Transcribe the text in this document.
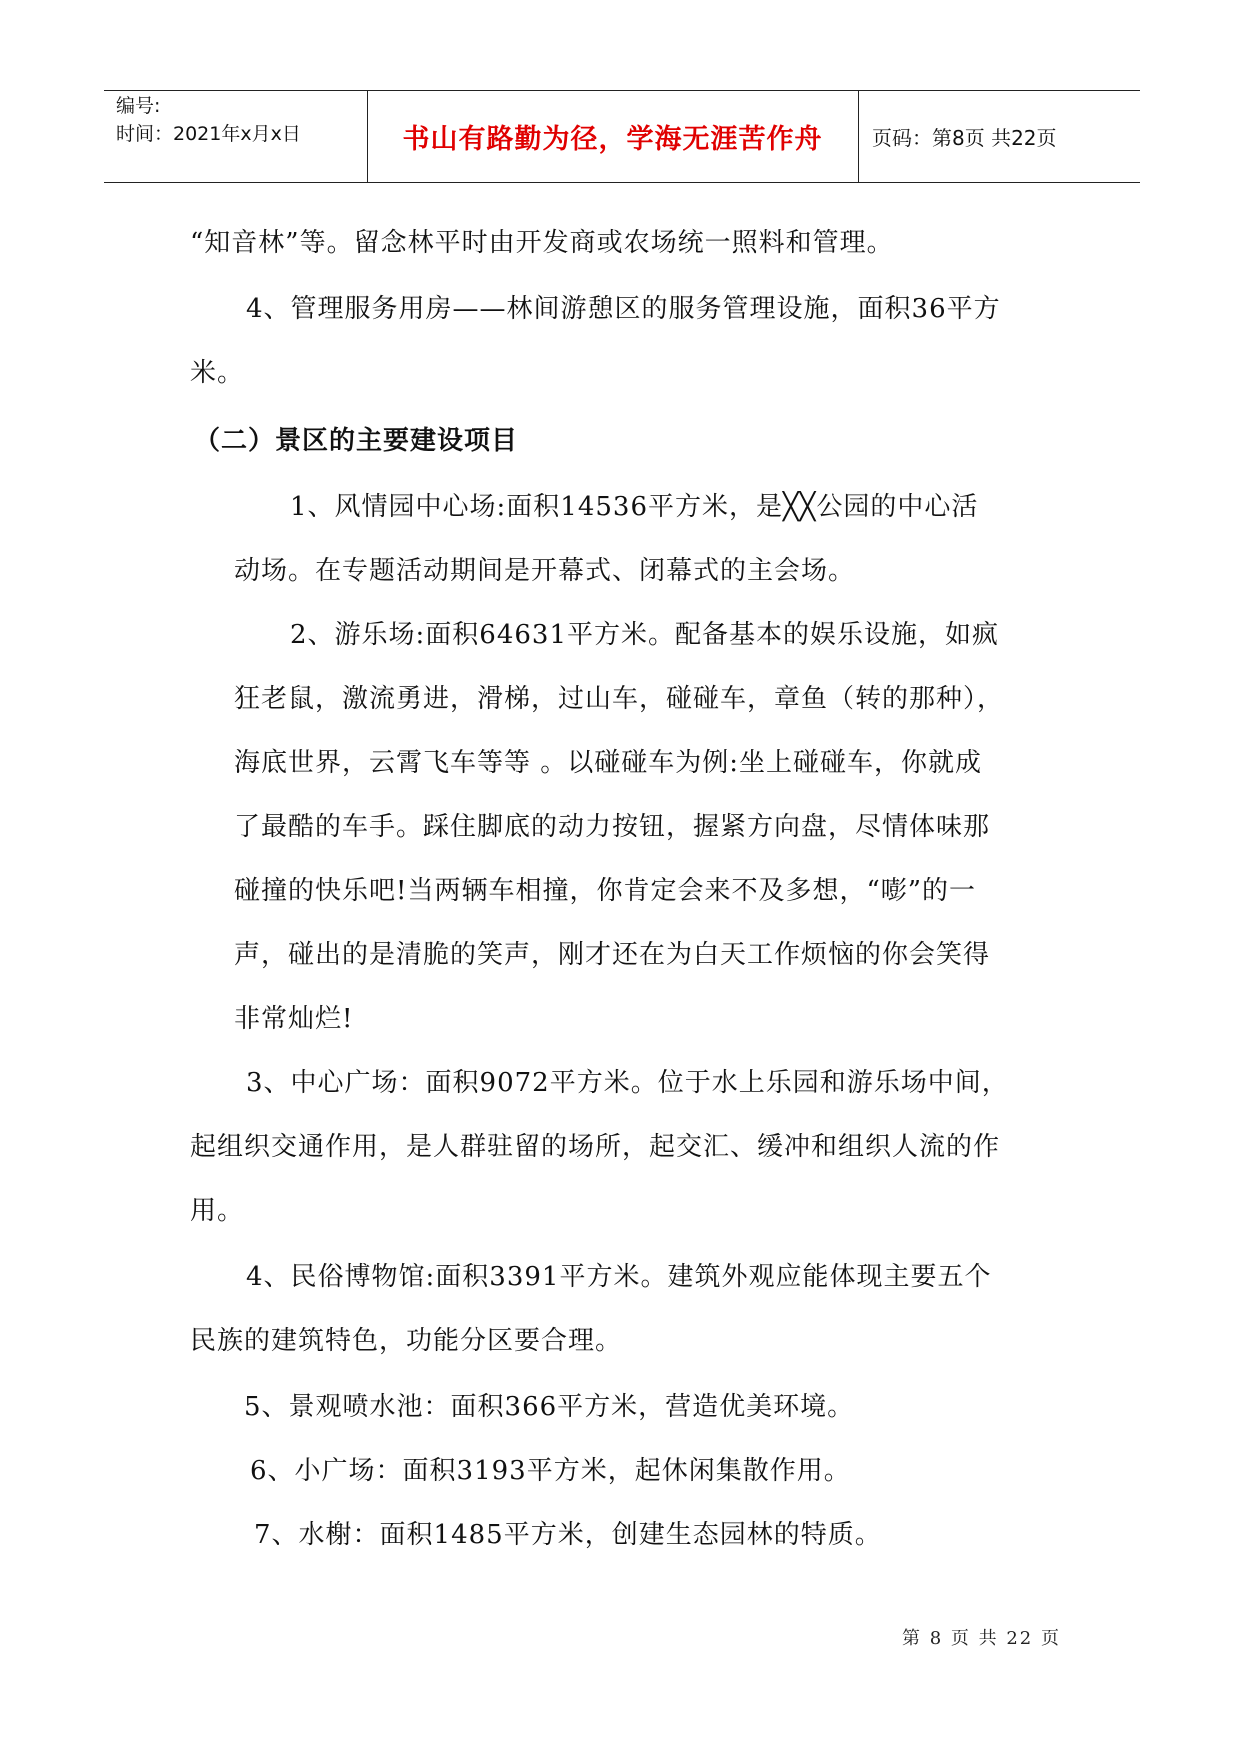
编号:
时间：2021年x月x日	书山有路勤为径，学海无涯苦作舟	页码：第8页 共22页
“知音林”等。留念林平时由开发商或农场统一照料和管理。
4、管理服务用房——林间游憩区的服务管理设施，面积36平方
米。
（二）景区的主要建设项目
1、风情园中心场:面积14536平方米，是╳╳公园的中心活
动场。在专题活动期间是开幕式、闭幕式的主会场。
2、游乐场:面积64631平方米。配备基本的娱乐设施，如疯
狂老鼠，激流勇进，滑梯，过山车，碰碰车，章鱼（转的那种），
海底世界，云霄飞车等等 。以碰碰车为例:坐上碰碰车，你就成
了最酷的车手。踩住脚底的动力按钮，握紧方向盘，尽情体味那
碰撞的快乐吧!当两辆车相撞，你肯定会来不及多想，“嘭”的一
声，碰出的是清脆的笑声，刚才还在为白天工作烦恼的你会笑得
非常灿烂!
3、中心广场：面积9072平方米。位于水上乐园和游乐场中间，
起组织交通作用，是人群驻留的场所，起交汇、缓冲和组织人流的作
用。
4、民俗博物馆:面积3391平方米。建筑外观应能体现主要五个
民族的建筑特色，功能分区要合理。
5、景观喷水池：面积366平方米，营造优美环境。
6、小广场：面积3193平方米，起休闲集散作用。
7、水榭：面积1485平方米，创建生态园林的特质。
第 8 页 共 22 页
